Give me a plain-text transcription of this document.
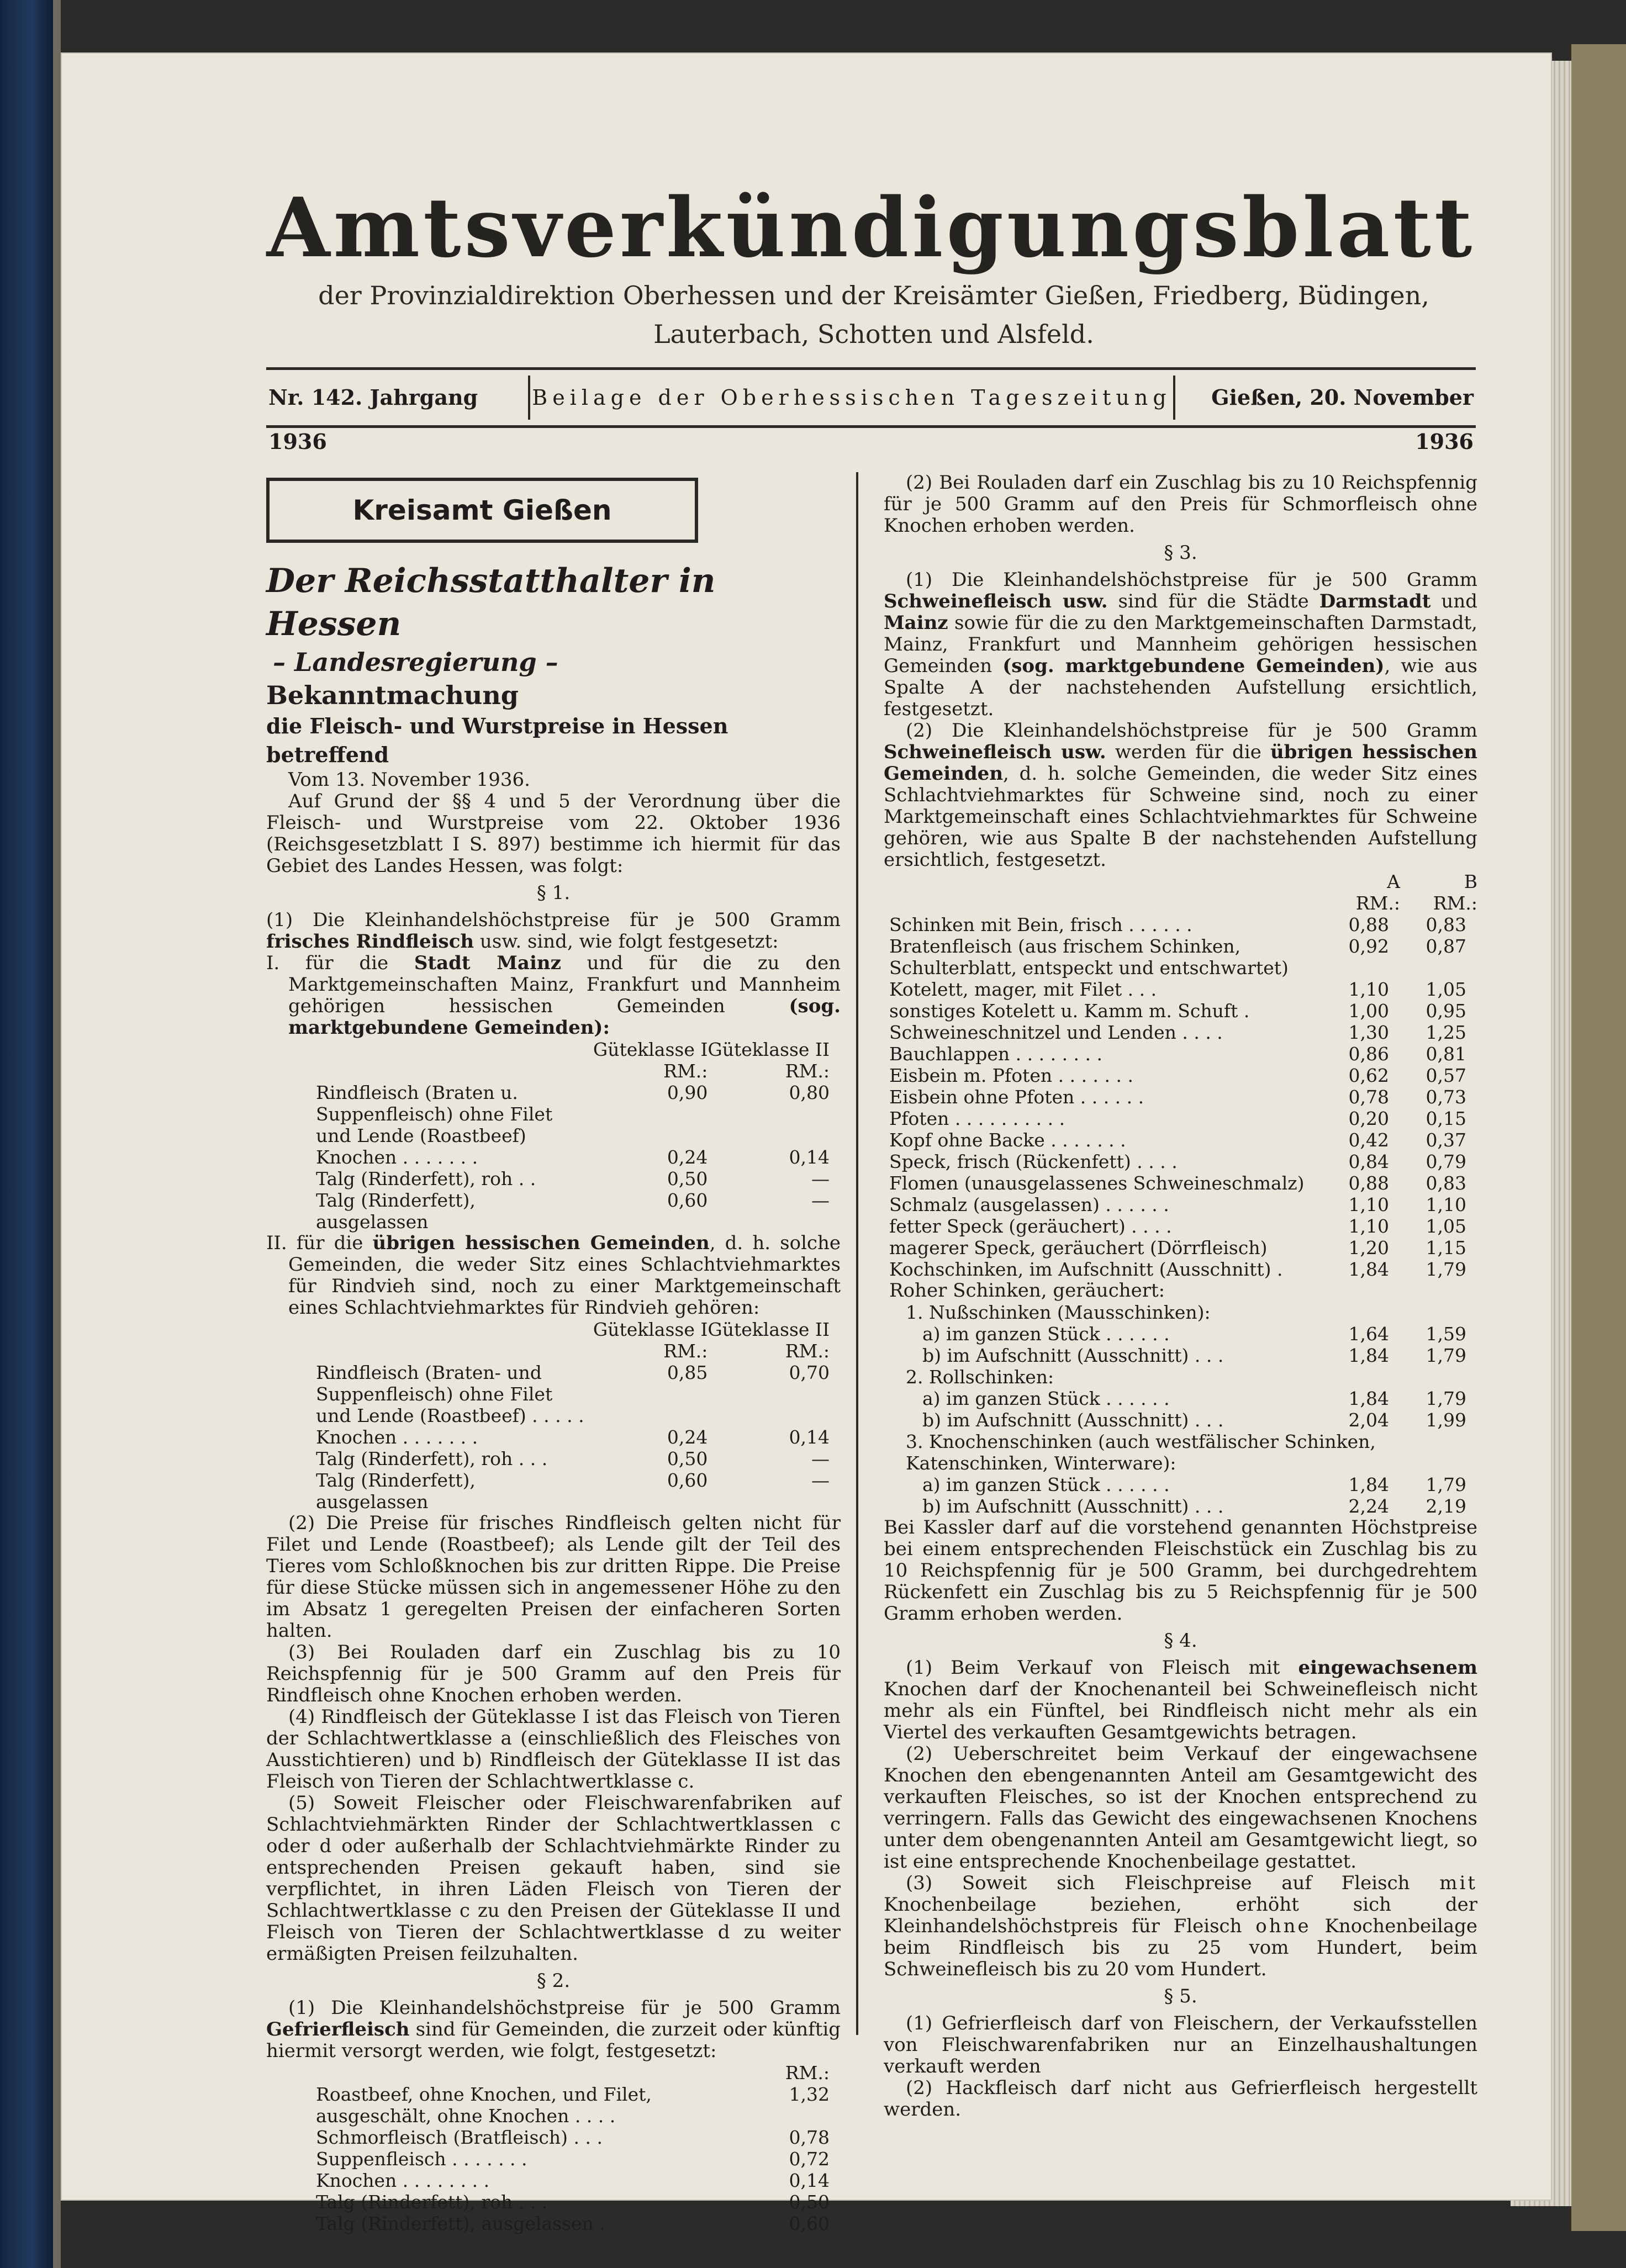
Amtsverkündigungsblatt
der Provinzialdirektion Oberhessen und der Kreisämter Gießen, Friedberg, Büdingen, Lauterbach, Schotten und Alsfeld.
Nr. 142. Jahrgang 1936
Beilage der Oberhessischen Tageszeitung	Gießen, 20. November 1936
Kreisamt Gießen
Der Reichsstatthalter in Hessen
– Landesregierung –
Bekanntmachung
die Fleisch- und Wurstpreise in Hessen betreffend

Vom 13. November 1936.

Auf Grund der §§ 4 und 5 der Verordnung über die Fleisch- und Wurstpreise vom 22. Oktober 1936 (Reichsgesetzblatt I S. 897) bestimme ich hiermit für das Gebiet des Landes Hessen, was folgt:

§ 1.

(1) Die Kleinhandelshöchstpreise für je 500 Gramm frisches Rindfleisch usw. sind, wie folgt festgesetzt:

I. für die Stadt Mainz und für die zu den Marktgemeinschaften Mainz, Frankfurt und Mannheim gehörigen hessischen Gemeinden (sog. marktgebundene Gemeinden):

	Güteklasse I	Güteklasse II
	RM.:	RM.:
Rindfleisch (Braten u. Suppenfleisch) ohne Filet und Lende (Roastbeef)	0,90	0,80
Knochen . . . . . . .	0,24	0,14
Talg (Rinderfett), roh . .	0,50	—
Talg (Rinderfett), ausgelassen	0,60	—

II. für die übrigen hessischen Gemeinden, d. h. solche Gemeinden, die weder Sitz eines Schlachtviehmarktes für Rindvieh sind, noch zu einer Marktgemeinschaft eines Schlachtviehmarktes für Rindvieh gehören:

	Güteklasse I	Güteklasse II
	RM.:	RM.:
Rindfleisch (Braten- und Suppenfleisch) ohne Filet und Lende (Roastbeef) . . . . .	0,85	0,70
Knochen . . . . . . .	0,24	0,14
Talg (Rinderfett), roh . . .	0,50	—
Talg (Rinderfett), ausgelassen	0,60	—

(2) Die Preise für frisches Rindfleisch gelten nicht für Filet und Lende (Roastbeef); als Lende gilt der Teil des Tieres vom Schloßknochen bis zur dritten Rippe. Die Preise für diese Stücke müssen sich in angemessener Höhe zu den im Absatz 1 geregelten Preisen der einfacheren Sorten halten.

(3) Bei Rouladen darf ein Zuschlag bis zu 10 Reichspfennig für je 500 Gramm auf den Preis für Rindfleisch ohne Knochen erhoben werden.

(4) Rindfleisch der Güteklasse I ist das Fleisch von Tieren der Schlachtwertklasse a (einschließlich des Fleisches von Ausstichtieren) und b) Rindfleisch der Güteklasse II ist das Fleisch von Tieren der Schlachtwertklasse c.

(5) Soweit Fleischer oder Fleischwarenfabriken auf Schlachtviehmärkten Rinder der Schlachtwertklassen c oder d oder außerhalb der Schlachtviehmärkte Rinder zu entsprechenden Preisen gekauft haben, sind sie verpflichtet, in ihren Läden Fleisch von Tieren der Schlachtwertklasse c zu den Preisen der Güteklasse II und Fleisch von Tieren der Schlachtwertklasse d zu weiter ermäßigten Preisen feilzuhalten.

§ 2.

(1) Die Kleinhandelshöchstpreise für je 500 Gramm Gefrierfleisch sind für Gemeinden, die zurzeit oder künftig hiermit versorgt werden, wie folgt, festgesetzt:

	RM.:
Roastbeef, ohne Knochen, und Filet, ausgeschält, ohne Knochen . . . .	1,32
Schmorfleisch (Bratfleisch) . . .	0,78
Suppenfleisch . . . . . . .	0,72
Knochen . . . . . . . .	0,14
Talg (Rinderfett), roh . . .	0,50
Talg (Rinderfett), ausgelassen .	0,60

(2) Bei Rouladen darf ein Zuschlag bis zu 10 Reichspfennig für je 500 Gramm auf den Preis für Schmorfleisch ohne Knochen erhoben werden.

§ 3.

(1) Die Kleinhandelshöchstpreise für je 500 Gramm Schweinefleisch usw. sind für die Städte Darmstadt und Mainz sowie für die zu den Marktgemeinschaften Darmstadt, Mainz, Frankfurt und Mannheim gehörigen hessischen Gemeinden (sog. marktgebundene Gemeinden), wie aus Spalte A der nachstehenden Aufstellung ersichtlich, festgesetzt.

(2) Die Kleinhandelshöchstpreise für je 500 Gramm Schweinefleisch usw. werden für die übrigen hessischen Gemeinden, d. h. solche Gemeinden, die weder Sitz eines Schlachtviehmarktes für Schweine sind, noch zu einer Marktgemeinschaft eines Schlachtviehmarktes für Schweine gehören, wie aus Spalte B der nachstehenden Aufstellung ersichtlich, festgesetzt.

	A	B
	RM.:	RM.:
Schinken mit Bein, frisch . . . . . .	0,88	0,83
Bratenfleisch (aus frischem Schinken, Schulterblatt, entspeckt und entschwartet)	0,92	0,87
Kotelett, mager, mit Filet . . .	1,10	1,05
sonstiges Kotelett u. Kamm m. Schuft .	1,00	0,95
Schweineschnitzel und Lenden . . . .	1,30	1,25
Bauchlappen . . . . . . . .	0,86	0,81
Eisbein m. Pfoten . . . . . . .	0,62	0,57
Eisbein ohne Pfoten . . . . . .	0,78	0,73
Pfoten . . . . . . . . . .	0,20	0,15
Kopf ohne Backe . . . . . . .	0,42	0,37
Speck, frisch (Rückenfett) . . . .	0,84	0,79
Flomen (unausgelassenes Schweineschmalz)	0,88	0,83
Schmalz (ausgelassen) . . . . . .	1,10	1,10
fetter Speck (geräuchert) . . . .	1,10	1,05
magerer Speck, geräuchert (Dörrfleisch)	1,20	1,15
Kochschinken, im Aufschnitt (Ausschnitt) .	1,84	1,79

Roher Schinken, geräuchert:

1. Nußschinken (Mausschinken):		
a) im ganzen Stück . . . . . .	1,64	1,59
b) im Aufschnitt (Ausschnitt) . . .	1,84	1,79
2. Rollschinken:		
a) im ganzen Stück . . . . . .	1,84	1,79
b) im Aufschnitt (Ausschnitt) . . .	2,04	1,99
3. Knochenschinken (auch westfälischer Schinken, Katenschinken, Winterware):		
a) im ganzen Stück . . . . . .	1,84	1,79
b) im Aufschnitt (Ausschnitt) . . .	2,24	2,19

Bei Kassler darf auf die vorstehend genannten Höchstpreise bei einem entsprechenden Fleischstück ein Zuschlag bis zu 10 Reichspfennig für je 500 Gramm, bei durchgedrehtem Rückenfett ein Zuschlag bis zu 5 Reichspfennig für je 500 Gramm erhoben werden.

§ 4.

(1) Beim Verkauf von Fleisch mit eingewachsenem Knochen darf der Knochenanteil bei Schweinefleisch nicht mehr als ein Fünftel, bei Rindfleisch nicht mehr als ein Viertel des verkauften Gesamtgewichts betragen.

(2) Ueberschreitet beim Verkauf der eingewachsene Knochen den ebengenannten Anteil am Gesamtgewicht des verkauften Fleisches, so ist der Knochen entsprechend zu verringern. Falls das Gewicht des eingewachsenen Knochens unter dem obengenannten Anteil am Gesamtgewicht liegt, so ist eine entsprechende Knochenbeilage gestattet.

(3) Soweit sich Fleischpreise auf Fleisch mit Knochenbeilage beziehen, erhöht sich der Kleinhandelshöchstpreis für Fleisch ohne Knochenbeilage beim Rindfleisch bis zu 25 vom Hundert, beim Schweinefleisch bis zu 20 vom Hundert.

§ 5.

(1) Gefrierfleisch darf von Fleischern, der Verkaufsstellen von Fleischwarenfabriken nur an Einzelhaushaltungen verkauft werden

(2) Hackfleisch darf nicht aus Gefrierfleisch hergestellt werden.
